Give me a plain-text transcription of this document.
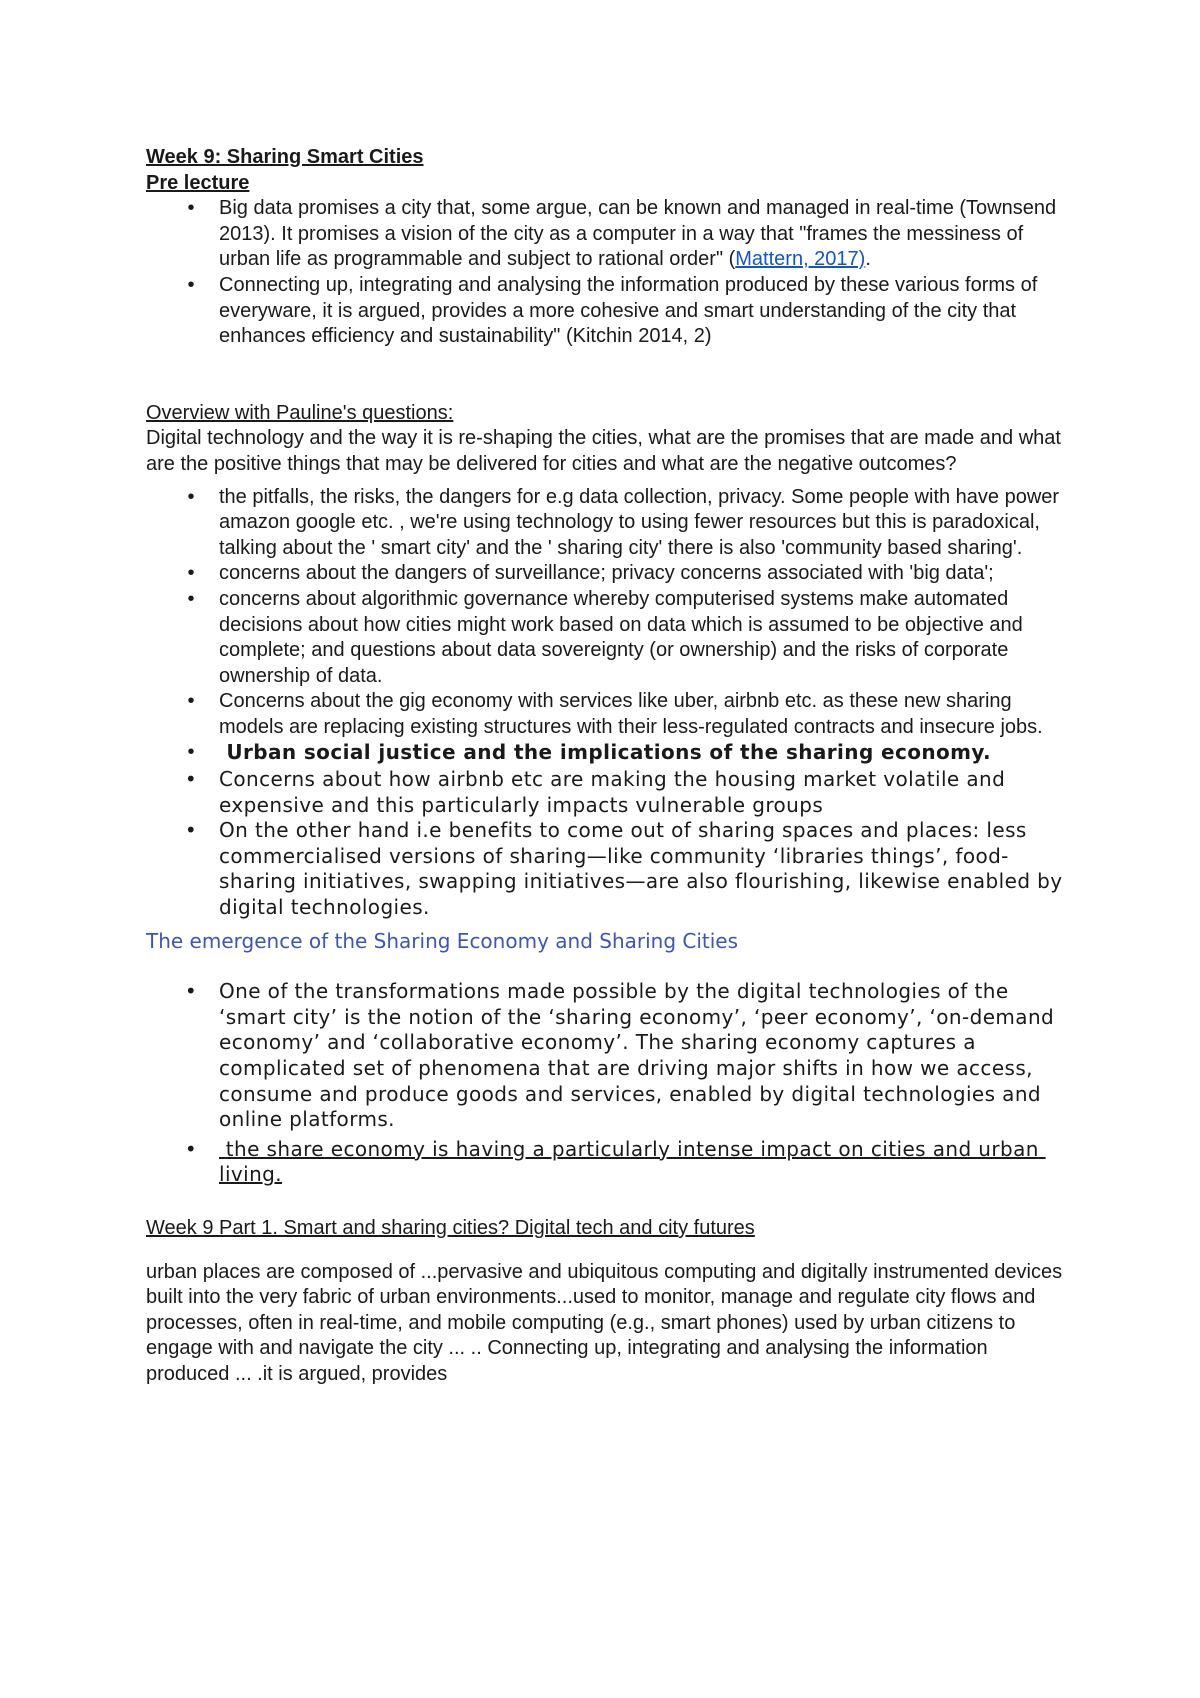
Week 9: Sharing Smart Cities

Pre lecture

• Big data promises a city that, some argue, can be known and managed in real-time (Townsend 2013). It promises a vision of the city as a computer in a way that "frames the messiness of urban life as programmable and subject to rational order" (Mattern, 2017).
• Connecting up, integrating and analysing the information produced by these various forms of everyware, it is argued, provides a more cohesive and smart understanding of the city that enhances efficiency and sustainability" (Kitchin 2014, 2)

Overview with Pauline's questions:

Digital technology and the way it is re-shaping the cities, what are the promises that are made and what are the positive things that may be delivered for cities and what are the negative outcomes?

• the pitfalls, the risks, the dangers for e.g data collection, privacy. Some people with have power amazon google etc. , we're using technology to using fewer resources but this is paradoxical, talking about the ' smart city' and the ' sharing city' there is also 'community based sharing'.
• concerns about the dangers of surveillance; privacy concerns associated with 'big data';
• concerns about algorithmic governance whereby computerised systems make automated decisions about how cities might work based on data which is assumed to be objective and complete; and questions about data sovereignty (or ownership) and the risks of corporate ownership of data.
• Concerns about the gig economy with services like uber, airbnb etc. as these new sharing models are replacing existing structures with their less-regulated contracts and insecure jobs.
• Urban social justice and the implications of the sharing economy.
• Concerns about how airbnb etc are making the housing market volatile and expensive and this particularly impacts vulnerable groups
• On the other hand i.e benefits to come out of sharing spaces and places: less commercialised versions of sharing—like community ‘libraries things’, food-sharing initiatives, swapping initiatives—are also flourishing, likewise enabled by digital technologies.

The emergence of the Sharing Economy and Sharing Cities

• One of the transformations made possible by the digital technologies of the ‘smart city’ is the notion of the ‘sharing economy’, ‘peer economy’, ‘on-demand economy’ and ‘collaborative economy’. The sharing economy captures a complicated set of phenomena that are driving major shifts in how we access, consume and produce goods and services, enabled by digital technologies and online platforms.
• the share economy is having a particularly intense impact on cities and urban living.

Week 9 Part 1. Smart and sharing cities? Digital tech and city futures

urban places are composed of ...pervasive and ubiquitous computing and digitally instrumented devices built into the very fabric of urban environments...used to monitor, manage and regulate city flows and processes, often in real-time, and mobile computing (e.g., smart phones) used by urban citizens to engage with and navigate the city ... .. Connecting up, integrating and analysing the information produced ... .it is argued, provides
